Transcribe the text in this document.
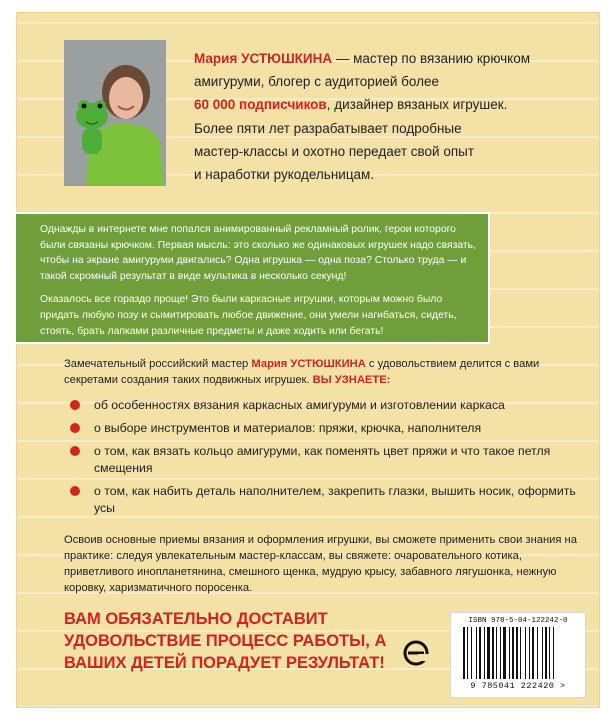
Мария УСТЮШКИНА — мастер по вязанию крючком
амигуруми, блогер с аудиторией более
60 000 подписчиков, дизайнер вязаных игрушек.
Более пяти лет разрабатывает подробные
мастер-классы и охотно передает свой опыт
и наработки рукодельницам.

Однажды в интернете мне попался анимированный рекламный ролик, герои которого были связаны крючком. Первая мысль: это сколько же одинаковых игрушек надо связать, чтобы на экране амигуруми двигались? Одна игрушка — одна поза? Столько труда — и такой скромный результат в виде мультика в несколько секунд!

Оказалось все гораздо проще! Это были каркасные игрушки, которым можно было придать любую позу и сымитировать любое движение, они умели нагибаться, сидеть, стоять, брать лапками различные предметы и даже ходить или бегать!

Замечательный российский мастер Мария УСТЮШКИНА с удовольствием делится с вами секретами создания таких подвижных игрушек. ВЫ УЗНАЕТЕ:
об особенностях вязания каркасных амигуруми и изготовлении каркаса
о выборе инструментов и материалов: пряжи, крючка, наполнителя
о том, как вязать кольцо амигуруми, как поменять цвет пряжи и что такое петля смещения
о том, как набить деталь наполнителем, закрепить глазки, вышить носик, оформить усы
Освоив основные приемы вязания и оформления игрушки, вы сможете применить свои знания на практике: следуя увлекательным мастер-классам, вы свяжете: очаровательного котика, приветливого инопланетянина, смешного щенка, мудрую крысу, забавного лягушонка, нежную коровку, харизматичного поросенка.
ВАМ ОБЯЗАТЕЛЬНО ДОСТАВИТ УДОВОЛЬСТВИЕ ПРОЦЕСС РАБОТЫ, А ВАШИХ ДЕТЕЙ ПОРАДУЕТ РЕЗУЛЬТАТ!
ISBN 978-5-04-122242-0
9 785041 222420 >
